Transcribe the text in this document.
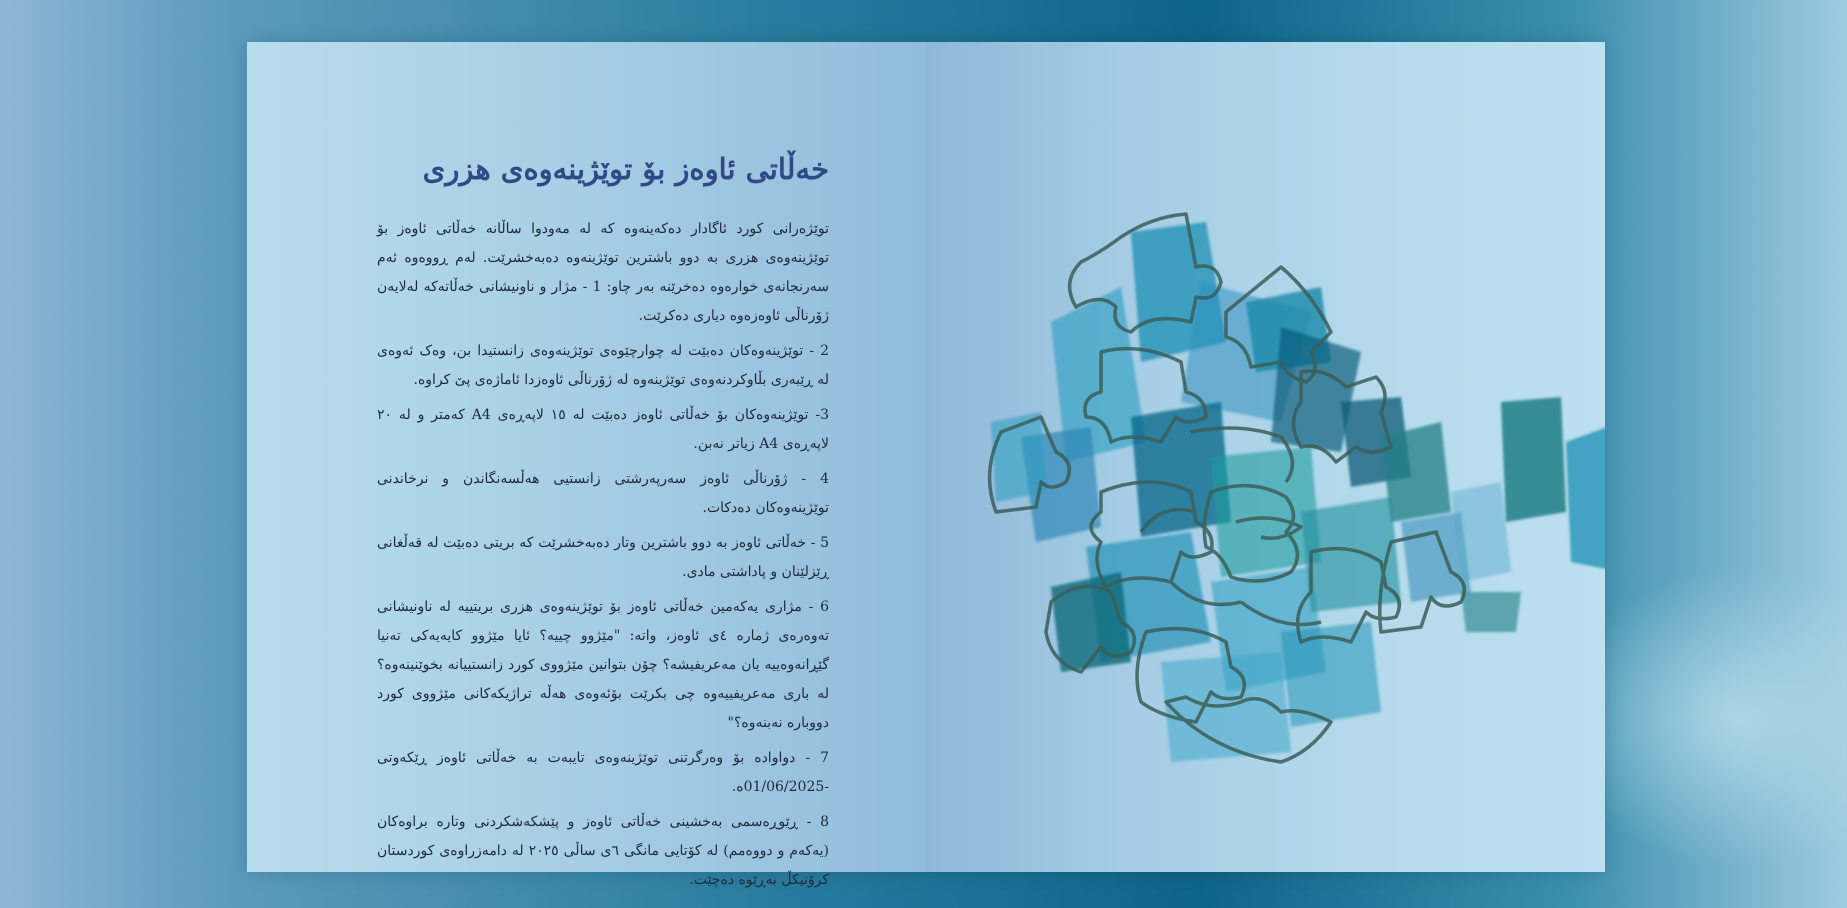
خەڵاتی ئاوەز بۆ توێژینەوەی هزری

توێژەرانی کورد ئاگادار دەکەینەوە کە لە مەودوا ساڵانە خەڵاتی ئاوەز بۆ توێژینەوەی هزری بە دوو باشترین توێژینەوە دەبەخشرێت. لەم ڕووەوە ئەم سەرنجانەی خوارەوە دەخرێنە بەر چاو: 1 - مژار و ناونیشانی خەڵاتەکە لەلایەن ژۆرناڵی ئاوەزەوە دیاری دەکرێت.

2 - توێژینەوەکان دەبێت لە چوارچێوەی توێژینەوەی زانستیدا بن، وەک ئەوەی لە ڕێبەری بڵاوکردنەوەی توێژینەوە لە ژۆرناڵی ئاوەزدا ئاماژەی پێ کراوە.

3- توێژینەوەکان بۆ خەڵاتی ئاوەز دەبێت لە ١٥ لاپەڕەی A4 کەمتر و لە ٢٠ لاپەڕەی A4 زیاتر نەبن.

4 - ژۆرناڵی ئاوەز سەرپەرشتی زانستیی هەڵسەنگاندن و نرخاندنی توێژینەوەکان دەدکات.

5 - خەڵاتی ئاوەز بە دوو باشترین وتار دەبەخشرێت کە بریتی دەبێت لە قەڵغانی ڕێزلێنان و پاداشتی مادی.

6 - مژاری یەکەمین خەڵاتی ئاوەز بۆ توێژینەوەی هزری بریتییە لە ناونیشانی تەوەرەی ژمارە ٤ی ئاوەز، واتە: "مێژوو چییە؟ ئایا مێژوو کایەیەکی تەنیا گێڕانەوەییە یان مەعریفیشە؟ چۆن بتوانین مێژووی کورد زانستییانە بخوێنینەوە؟ لە باری مەعریفییەوە چی بکرێت بۆئەوەی هەڵە تراژیکەکانی مێژووی کورد دووبارە نەبنەوە؟"

7 - دواوادە بۆ وەرگرتنی توێژینەوەی تایبەت بە خەڵاتی ئاوەز ڕێکەوتی -01/06/2025ە.

8 - ڕێوڕەسمی بەخشینی خەڵاتی ئاوەز و پێشکەشکردنی وتارە براوەکان (یەکەم و دووەمم) لە کۆتایی مانگی ٦ی ساڵی ٢٠٢٥ لە دامەزراوەی کوردستان کرۆنیکڵ بەڕێوە دەچێت.
